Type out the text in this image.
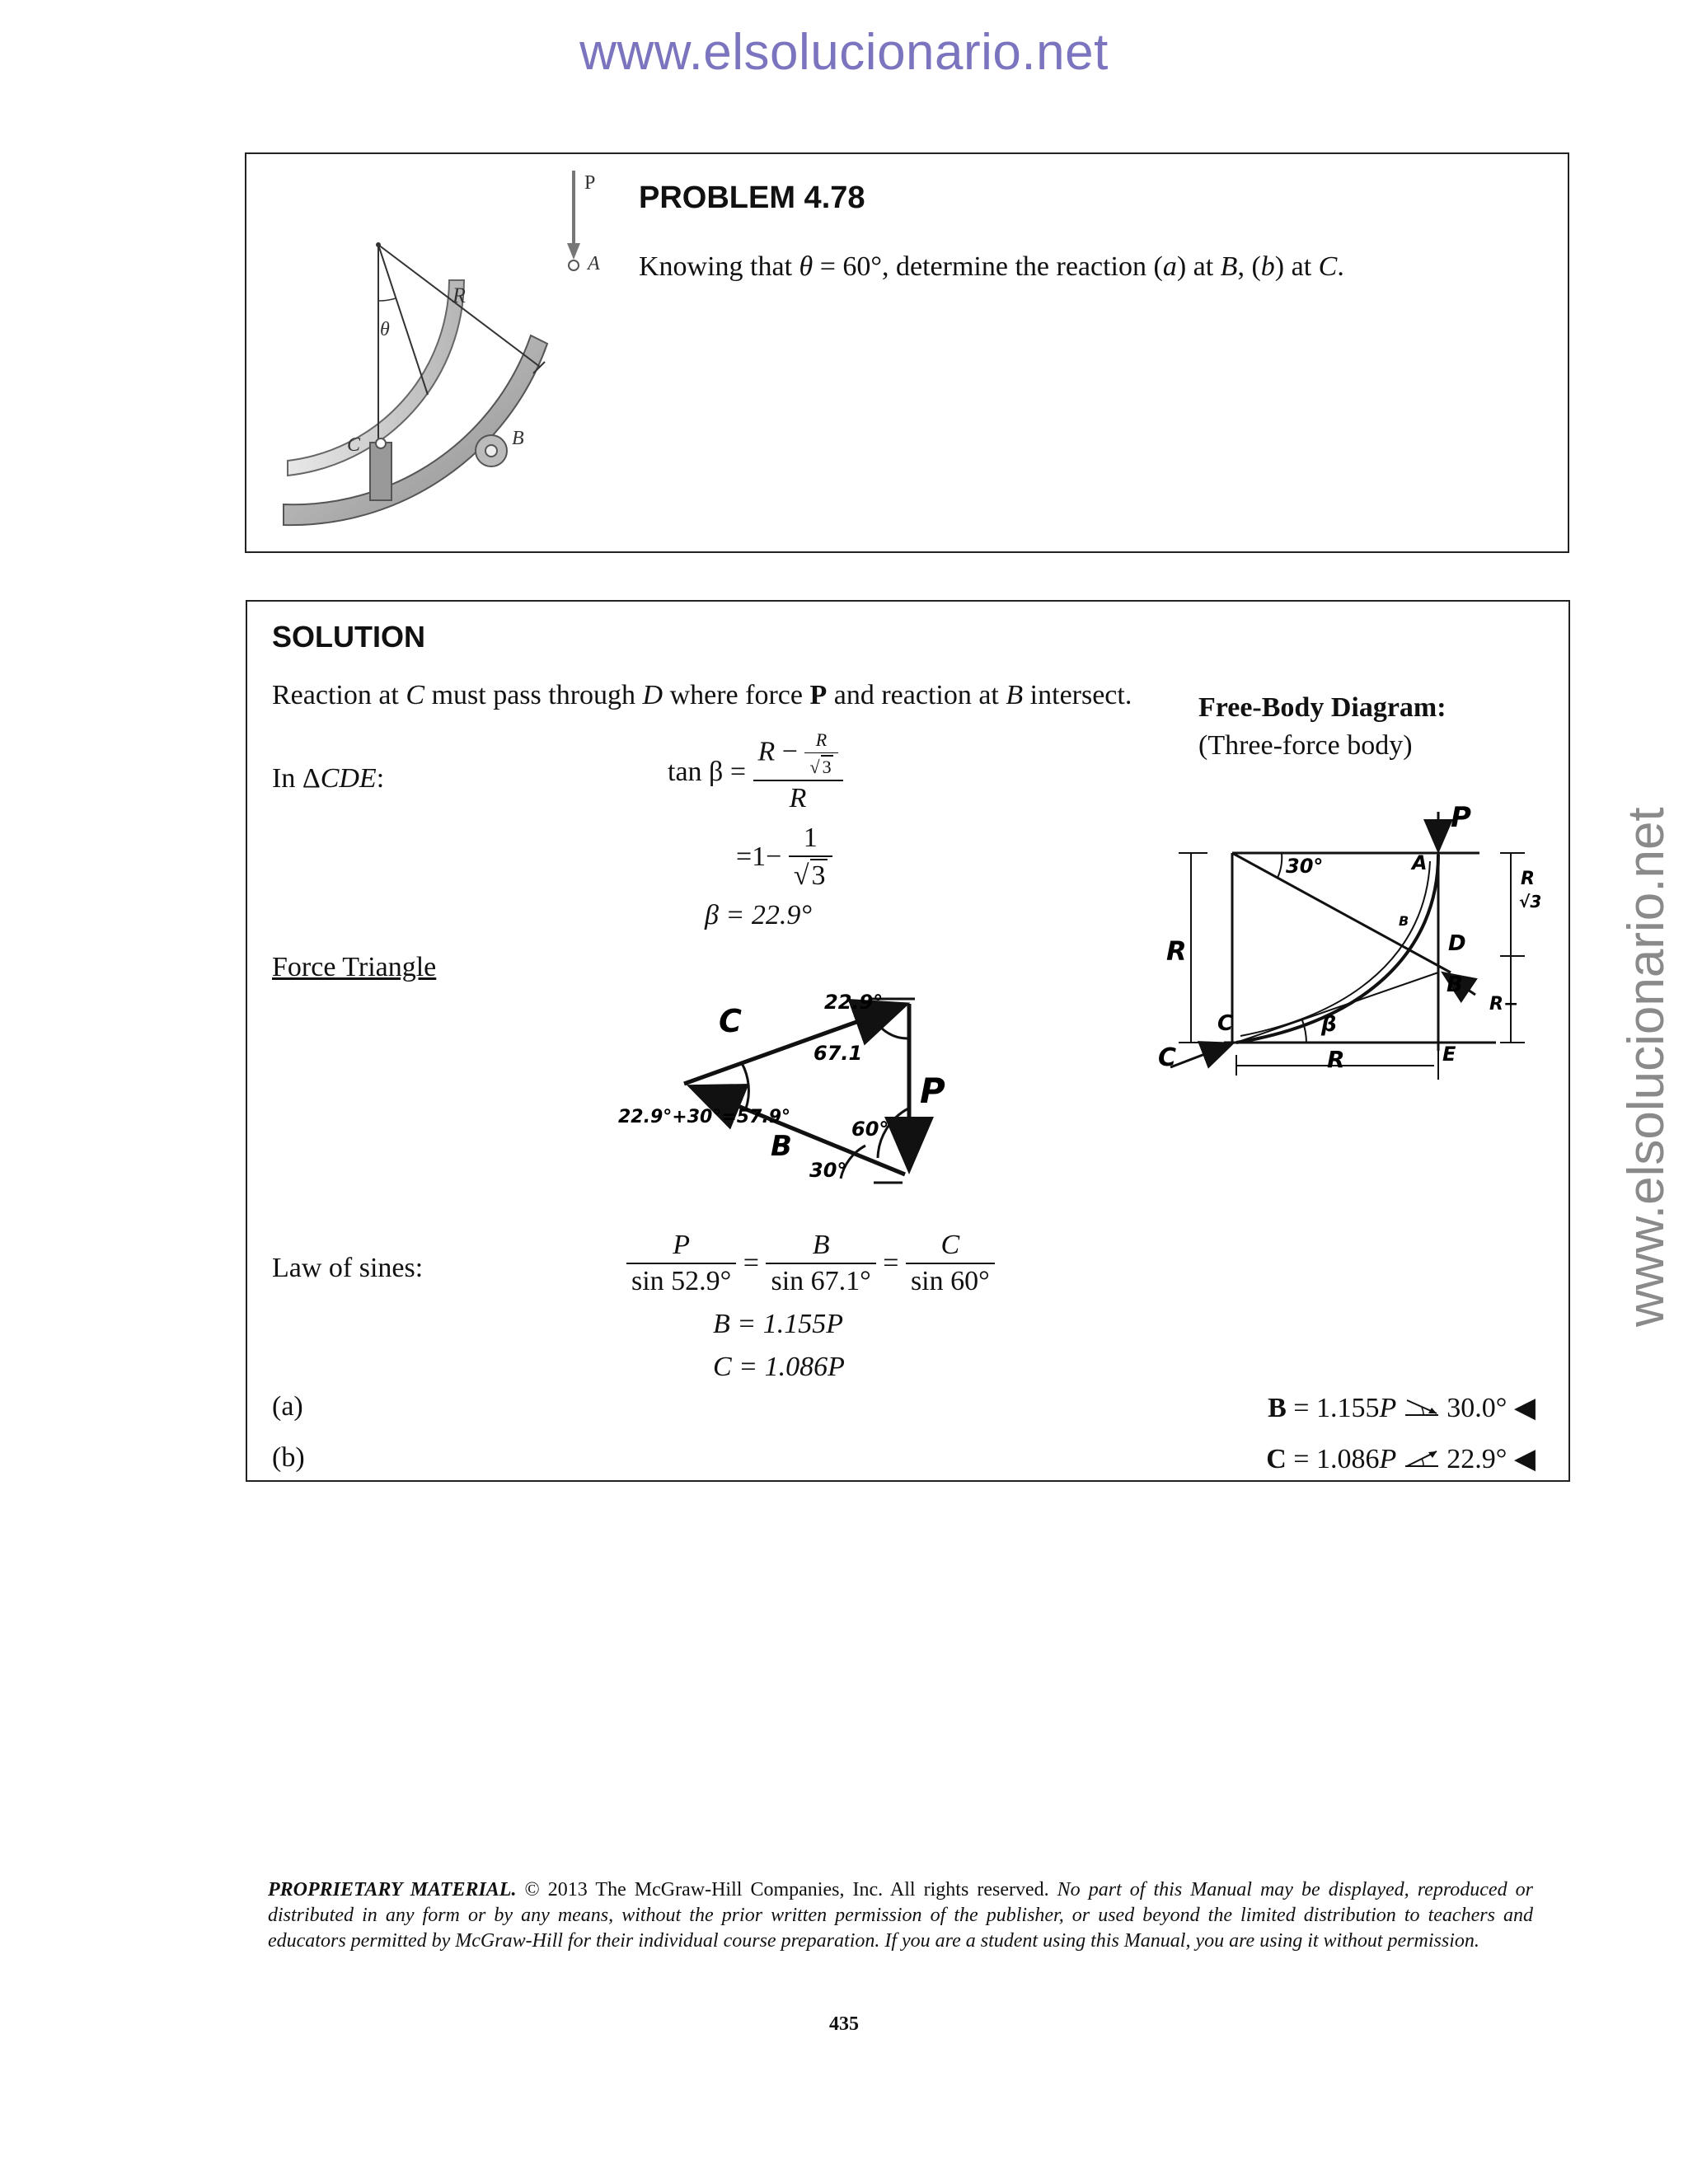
www.elsolucionario.net
www.elsolucionario.net
P
A
R
θ
C	B
PROBLEM 4.78
Knowing that θ = 60°, determine the reaction (a) at B, (b) at C.
SOLUTION
Reaction at C must pass through D where force P and reaction at B intersect. Free-Body Diagram:
(Three-force body)
In ΔCDE:	$\tan \beta = \frac{R - \frac{R}{√ 3}}{R}$
$=1- \frac{1}{√3}$
β = 22.9°
Force Triangle
22.9°
67.1
C
P
B
22.9°+30°=57.9°
60°
30°
P
30°	A
R
√3
R	D
B
B
R−
C	β
E
C	R
Law of sines:	$\frac{P}{\sin 52.9^\circ} = \frac{B}{\sin 67.1^\circ} = \frac{C}{\sin 60^\circ}$
B = 1.155P
C = 1.086P
(a)	B = 1.155P  30.0° ◀
(b)	C = 1.086P  22.9° ◀
PROPRIETARY MATERIAL. © 2013 The McGraw-Hill Companies, Inc. All rights reserved. No part of this Manual may be displayed, reproduced or distributed in any form or by any means, without the prior written permission of the publisher, or used beyond the limited distribution to teachers and educators permitted by McGraw-Hill for their individual course preparation. If you are a student using this Manual, you are using it without permission.
435
